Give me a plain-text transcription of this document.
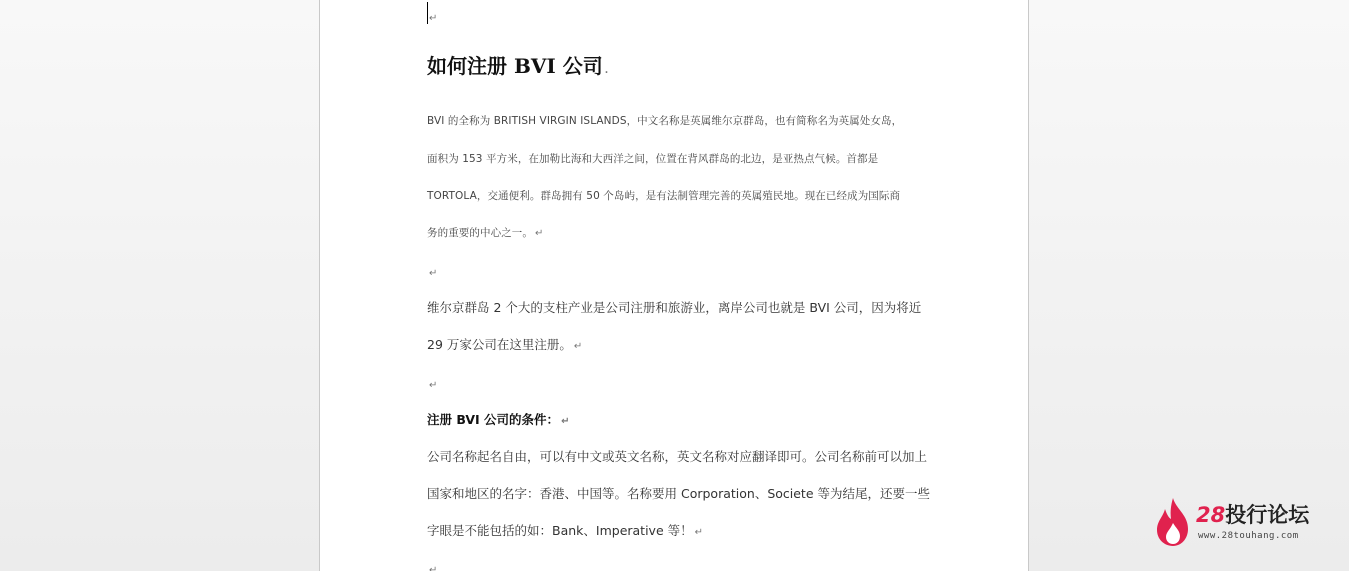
↵
如何注册 BVI 公司 .
BVI 的全称为 BRITISH VIRGIN ISLANDS，中文名称是英属维尔京群岛，也有简称名为英属处女岛，
面积为 153 平方米，在加勒比海和大西洋之间，位置在背风群岛的北边，是亚热点气候。首都是
TORTOLA，交通便利。群岛拥有 50 个岛屿，是有法制管理完善的英属殖民地。现在已经成为国际商
务的重要的中心之一。 ↵
↵
维尔京群岛 2 个大的支柱产业是公司注册和旅游业，离岸公司也就是 BVI 公司，因为将近
29 万家公司在这里注册。 ↵
↵
注册 BVI 公司的条件： ↵
公司名称起名自由，可以有中文或英文名称，英文名称对应翻译即可。公司名称前可以加上
国家和地区的名字：香港、中国等。名称要用 Corporation、Societe 等为结尾，还要一些
字眼是不能包括的如：Bank、Imperative 等！ ↵
↵
28投行论坛
www.28touhang.com
